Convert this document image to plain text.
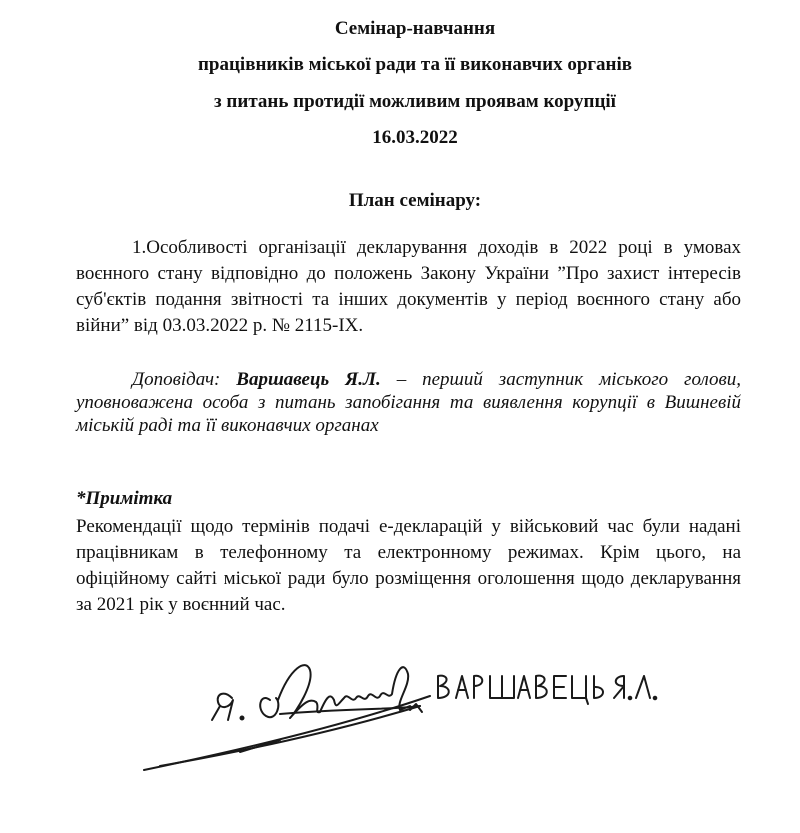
Семінар-навчання
працівників міської ради та її виконавчих органів
з питань протидії можливим проявам корупції
16.03.2022
План семінару:
1.Особливості організації декларування доходів в 2022 році в умовах воєнного стану відповідно до положень Закону України ”Про захист інтересів суб'єктів подання звітності та інших документів у період воєнного стану або війни” від 03.03.2022 р. № 2115-IX.
Доповідач: Варшавець Я.Л. – перший заступник міського голови, уповноважена особа з питань запобігання та виявлення корупції в Вишневій міській раді та її виконавчих органах
*Примітка
Рекомендації щодо термінів подачі е-декларацій у військовий час були надані працівникам в телефонному та електронному режимах. Крім цього, на офіційному сайті міської ради було розміщення оголошення щодо декларування за 2021 рік у воєнний час.
